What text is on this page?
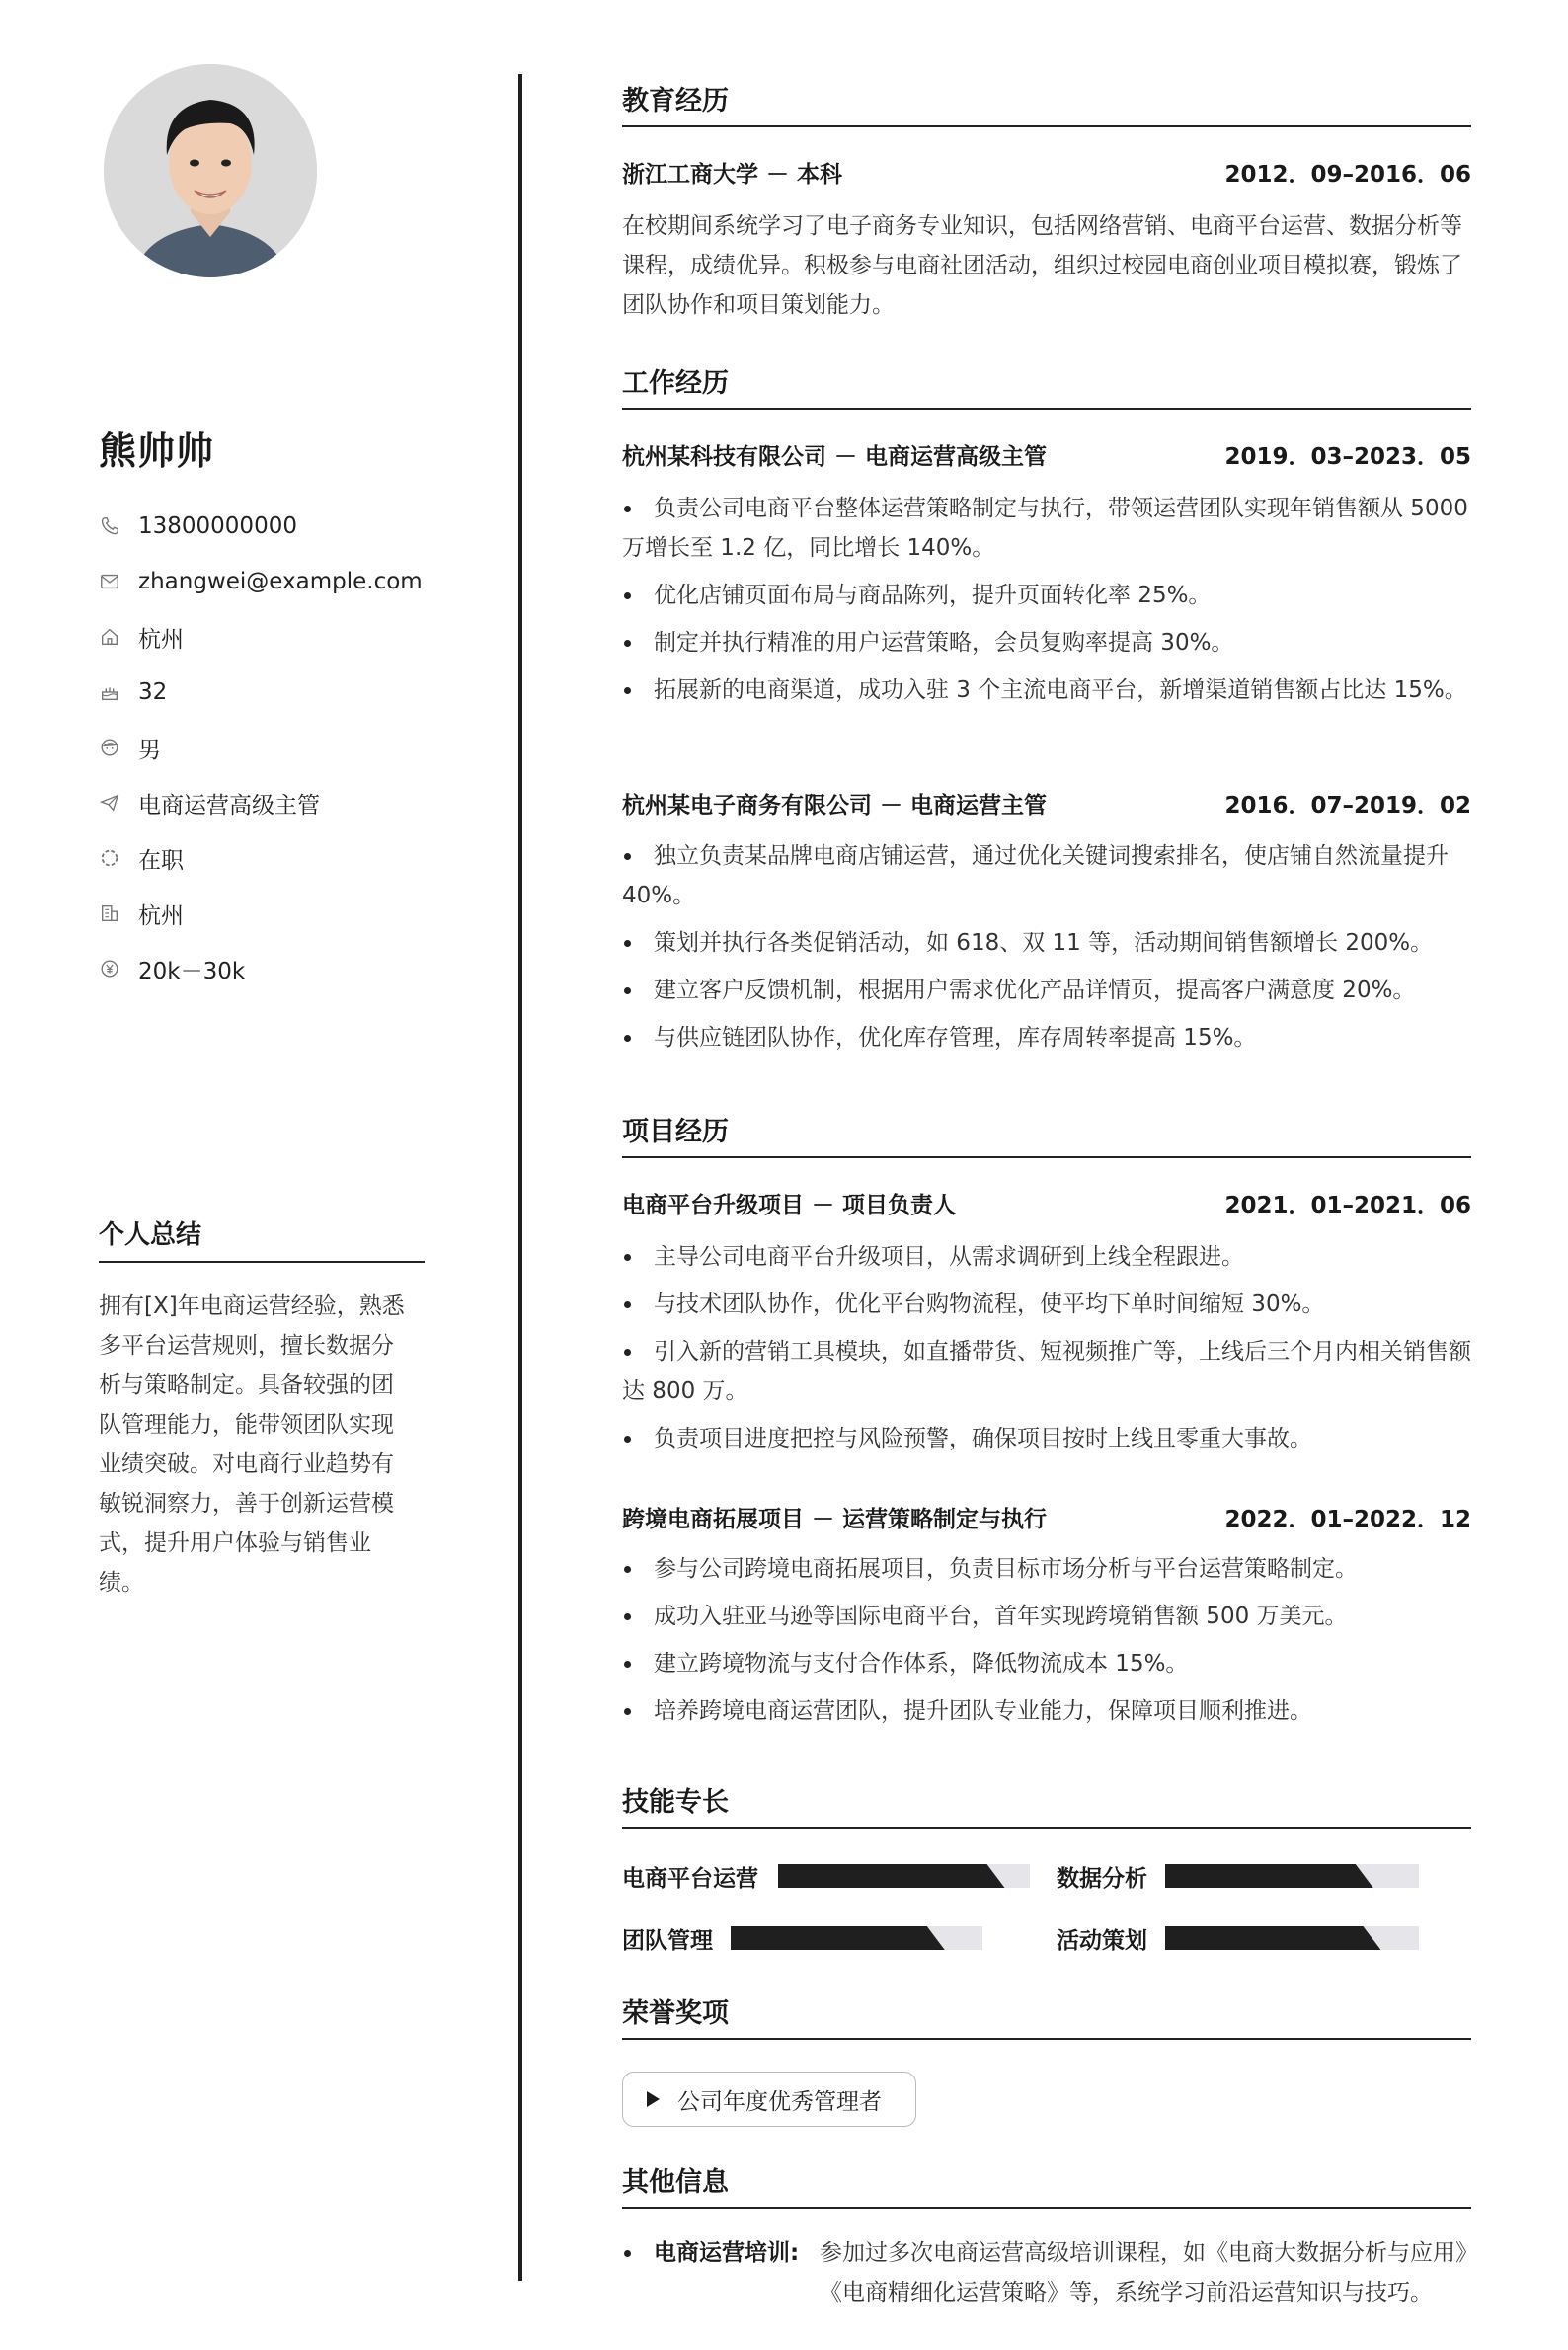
熊帅帅
13800000000
zhangwei@example.com
杭州
32
男
电商运营高级主管
在职
杭州
20k－30k
个人总结
拥有[X]年电商运营经验，熟悉多平台运营规则，擅长数据分析与策略制定。具备较强的团队管理能力，能带领团队实现业绩突破。对电商行业趋势有敏锐洞察力，善于创新运营模式，提升用户体验与销售业绩。
教育经历
浙江工商大学 － 本科	2012．09–2016．06
在校期间系统学习了电子商务专业知识，包括网络营销、电商平台运营、数据分析等课程，成绩优异。积极参与电商社团活动，组织过校园电商创业项目模拟赛，锻炼了团队协作和项目策划能力。
工作经历
杭州某科技有限公司 － 电商运营高级主管	2019．03–2023．05
负责公司电商平台整体运营策略制定与执行，带领运营团队实现年销售额从 5000 万增长至 1.2 亿，同比增长 140%。
优化店铺页面布局与商品陈列，提升页面转化率 25%。
制定并执行精准的用户运营策略，会员复购率提高 30%。
拓展新的电商渠道，成功入驻 3 个主流电商平台，新增渠道销售额占比达 15%。
杭州某电子商务有限公司 － 电商运营主管	2016．07–2019．02
独立负责某品牌电商店铺运营，通过优化关键词搜索排名，使店铺自然流量提升 40%。
策划并执行各类促销活动，如 618、双 11 等，活动期间销售额增长 200%。
建立客户反馈机制，根据用户需求优化产品详情页，提高客户满意度 20%。
与供应链团队协作，优化库存管理，库存周转率提高 15%。
项目经历
电商平台升级项目 － 项目负责人	2021．01–2021．06
主导公司电商平台升级项目，从需求调研到上线全程跟进。
与技术团队协作，优化平台购物流程，使平均下单时间缩短 30%。
引入新的营销工具模块，如直播带货、短视频推广等，上线后三个月内相关销售额达 800 万。
负责项目进度把控与风险预警，确保项目按时上线且零重大事故。
跨境电商拓展项目 － 运营策略制定与执行	2022．01–2022．12
参与公司跨境电商拓展项目，负责目标市场分析与平台运营策略制定。
成功入驻亚马逊等国际电商平台，首年实现跨境销售额 500 万美元。
建立跨境物流与支付合作体系，降低物流成本 15%。
培养跨境电商运营团队，提升团队专业能力，保障项目顺利推进。
技能专长
电商平台运营	数据分析
团队管理	活动策划
荣誉奖项
公司年度优秀管理者
其他信息
电商运营培训: 参加过多次电商运营高级培训课程，如《电商大数据分析与应用》《电商精细化运营策略》等，系统学习前沿运营知识与技巧。
